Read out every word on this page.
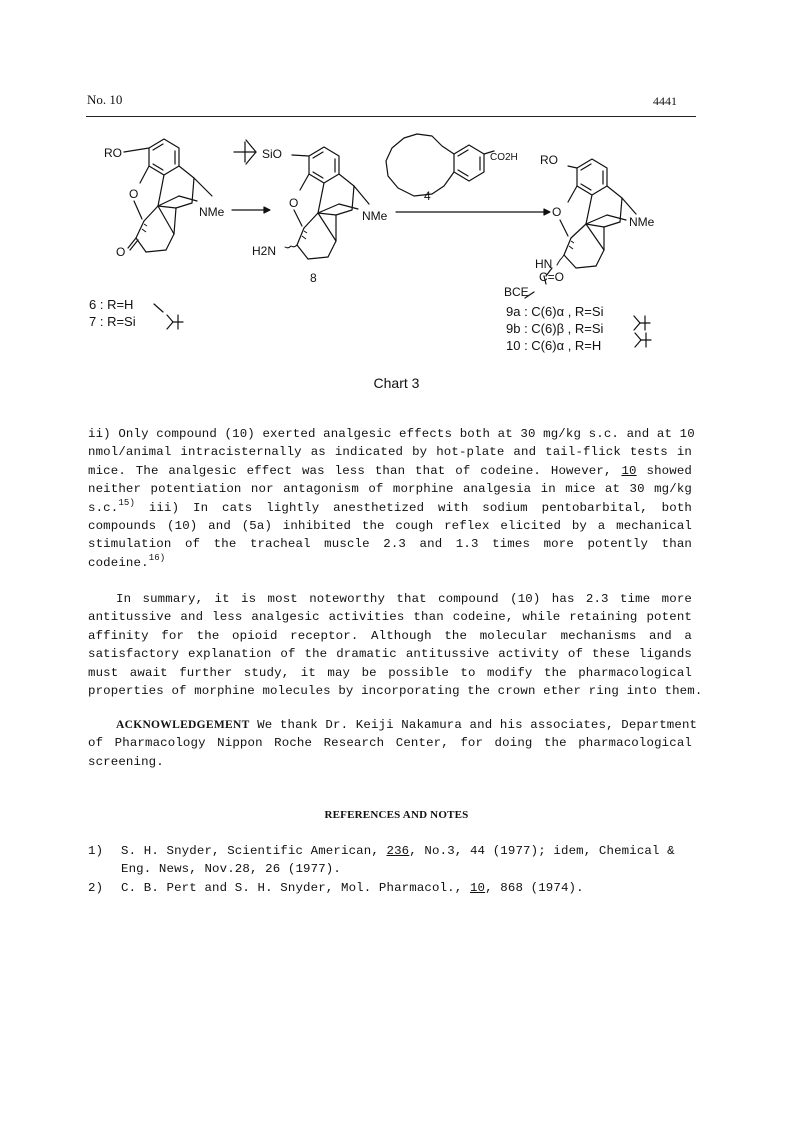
No. 10	4441
RO
O
NMe
O
SiO
O
NMe
H2N
8
CO2H
4
RO
O
NMe
HN
C=O
BCE
6 : R=H
7 : R=Si
9a : C(6)α , R=Si
9b : C(6)β , R=Si
10 : C(6)α , R=H
Chart 3
ii) Only compound (10) exerted analgesic effects both at 30 mg/kg s.c. and at 10
nmol/animal intracisternally as indicated by hot-plate and tail-flick tests in
mice. The analgesic effect was less than that of codeine. However, 10 showed
neither potentiation nor antagonism of morphine analgesia in mice at 30 mg/kg
s.c.$^{15)}$ iii) In cats lightly anesthetized with sodium pentobarbital, both
compounds (10) and (5a) inhibited the cough reflex elicited by a mechanical
stimulation of the tracheal muscle 2.3 and 1.3 times more potently than
codeine.$^{16)}$
In summary, it is most noteworthy that compound (10) has 2.3 time more
antitussive and less analgesic activities than codeine, while retaining potent
affinity for the opioid receptor. Although the molecular mechanisms and a
satisfactory explanation of the dramatic antitussive activity of these ligands
must await further study, it may be possible to modify the pharmacological
properties of morphine molecules by incorporating the crown ether ring into them.
ACKNOWLEDGEMENT We thank Dr. Keiji Nakamura and his associates, Department
of Pharmacology Nippon Roche Research Center, for doing the pharmacological
screening.
REFERENCES AND NOTES
1) S. H. Snyder, Scientific American, 236, No.3, 44 (1977); idem, Chemical &
Eng. News, Nov.28, 26 (1977).
2) C. B. Pert and S. H. Snyder, Mol. Pharmacol., 10, 868 (1974).
